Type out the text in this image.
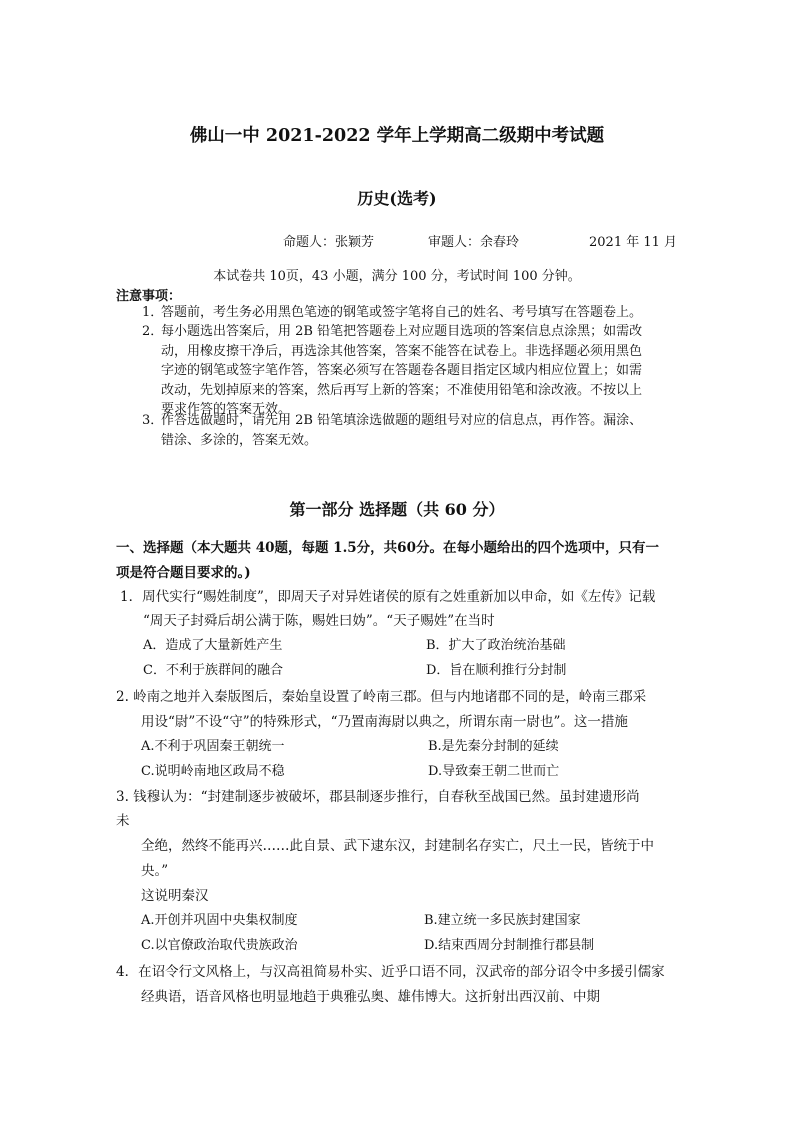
佛山一中 2021-2022 学年上学期高二级期中考试题
历史(选考)
命题人：张颖芳	审题人：余春玲	2021 年 11 月
本试卷共 10页，43 小题，满分 100 分，考试时间 100 分钟。
注意事项：
1．
答题前，考生务必用黑色笔迹的钢笔或签字笔将自己的姓名、考号填写在答题卷上。
2．
每小题选出答案后，用 2B 铅笔把答题卷上对应题目选项的答案信息点涂黑；如需改
动，用橡皮擦干净后，再选涂其他答案，答案不能答在试卷上。非选择题必须用黑色
字迹的钢笔或签字笔作答，答案必须写在答题卷各题目指定区域内相应位置上；如需
改动，先划掉原来的答案，然后再写上新的答案；不准使用铅笔和涂改液。不按以上
要求作答的答案无效。
3．
作答选做题时，请先用 2B 铅笔填涂选做题的题组号对应的信息点，再作答。漏涂、
错涂、多涂的，答案无效。
第一部分 选择题（共 60 分）
一、选择题（本大题共 40题，每题 1.5分，共60分。在每小题给出的四个选项中，只有一
项是符合题目要求的。)
1．周代实行“赐姓制度”，即周天子对异姓诸侯的原有之姓重新加以申命，如《左传》记载
“周天子封舜后胡公满于陈，赐姓曰妫”。“天子赐姓”在当时
A．造成了大量新姓产生	B．扩大了政治统治基础
C．不利于族群间的融合	D．旨在顺利推行分封制
2. 岭南之地并入秦版图后，秦始皇设置了岭南三郡。但与内地诸郡不同的是，岭南三郡采
用设“尉”不设“守”的特殊形式，“乃置南海尉以典之，所谓东南一尉也”。这一措施
A.不利于巩固秦王朝统一	B.是先秦分封制的延续
C.说明岭南地区政局不稳	D.导致秦王朝二世而亡
3. 钱穆认为：“封建制逐步被破坏，郡县制逐步推行，自春秋至战国已然。虽封建遗形尚
未
全绝，然终不能再兴……此自景、武下逮东汉，封建制名存实亡，尺土一民，皆统于中
央。”
这说明秦汉
A.开创并巩固中央集权制度	B.建立统一多民族封建国家
C.以官僚政治取代贵族政治	D.结束西周分封制推行郡县制
4．在诏令行文风格上，与汉高祖简易朴实、近乎口语不同，汉武帝的部分诏令中多援引儒家
经典语，语音风格也明显地趋于典雅弘奥、雄伟博大。这折射出西汉前、中期
